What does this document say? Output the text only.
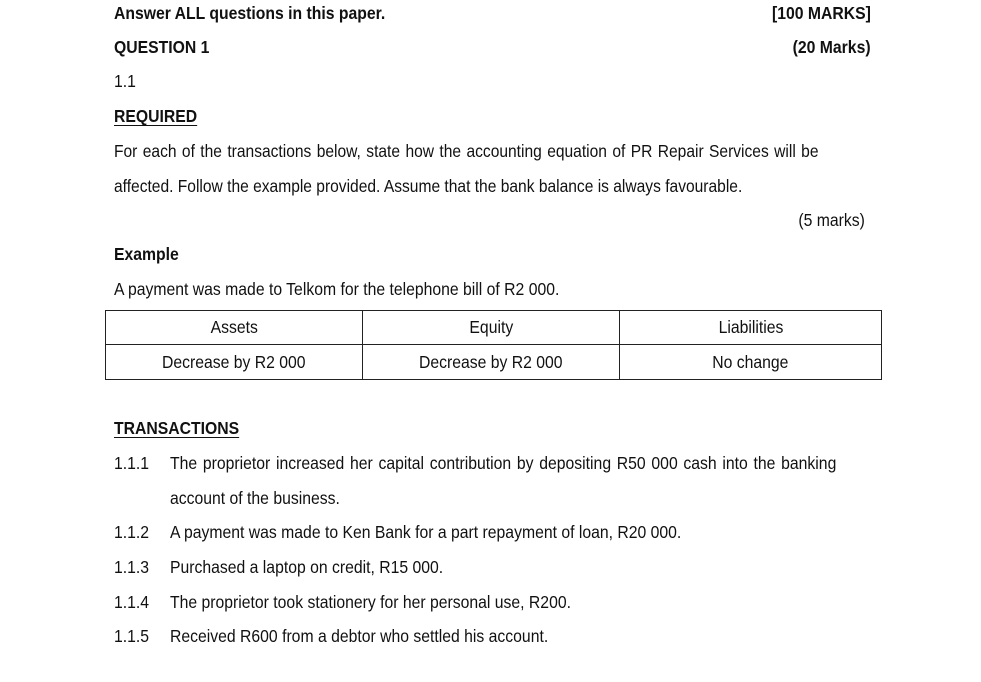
Answer ALL questions in this paper.	[100 MARKS]
QUESTION 1	(20 Marks)
1.1
REQUIRED
For each of the transactions below, state how the accounting equation of PR Repair Services will be
affected. Follow the example provided. Assume that the bank balance is always favourable.
(5 marks)
Example
A payment was made to Telkom for the telephone bill of R2 000.
Assets	Equity	Liabilities
Decrease by R2 000	Decrease by R2 000	No change
TRANSACTIONS
1.1.1 The proprietor increased her capital contribution by depositing R50 000 cash into the banking
account of the business.
1.1.2 A payment was made to Ken Bank for a part repayment of loan, R20 000.
1.1.3 Purchased a laptop on credit, R15 000.
1.1.4 The proprietor took stationery for her personal use, R200.
1.1.5 Received R600 from a debtor who settled his account.
